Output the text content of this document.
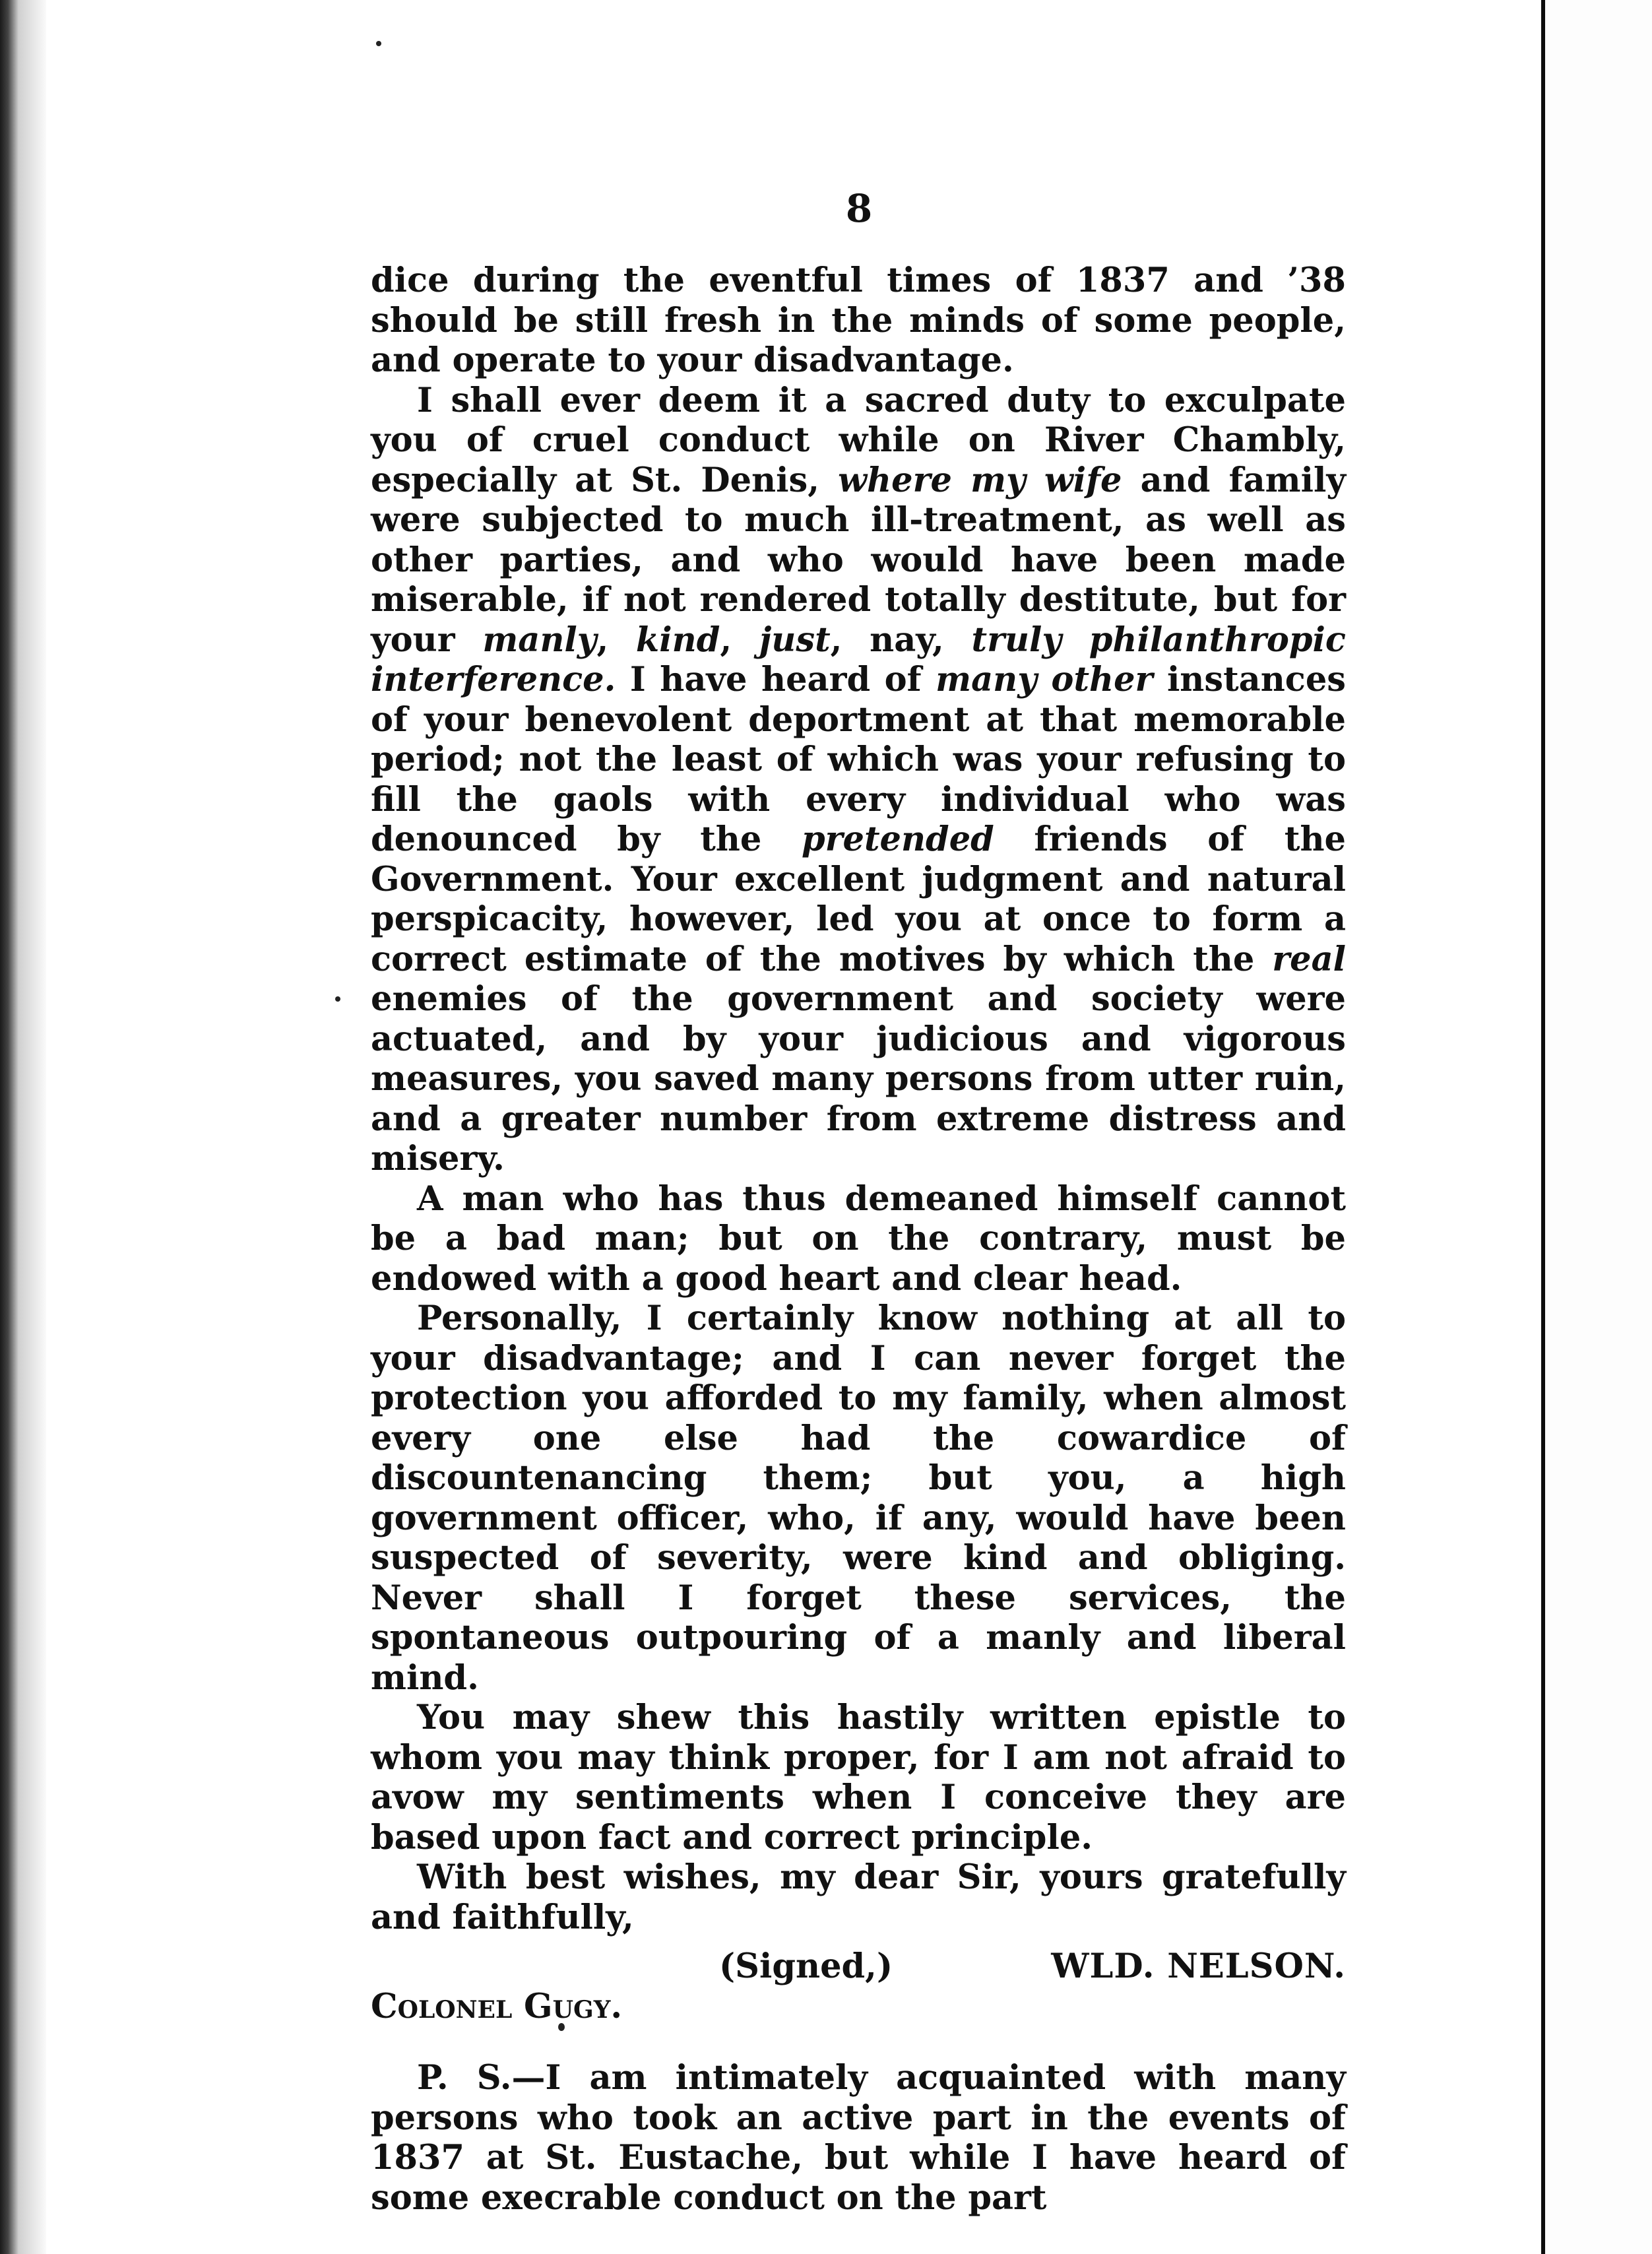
8

dice during the eventful times of 1837 and ’38 should be still fresh in the minds of some people, and operate to your disadvantage.

I shall ever deem it a sacred duty to exculpate you of cruel conduct while on River Chambly, especially at St. Denis, where my wife and family were subjected to much ill-treatment, as well as other parties, and who would have been made miserable, if not rendered totally destitute, but for your manly, kind, just, nay, truly philanthropic interference. I have heard of many other instances of your benevolent deportment at that memorable period; not the least of which was your refusing to fill the gaols with every individual who was denounced by the pretended friends of the Government. Your excellent judgment and natural perspicacity, however, led you at once to form a correct estimate of the motives by which the real enemies of the government and society were actuated, and by your judicious and vigorous measures, you saved many persons from utter ruin, and a greater number from extreme distress and misery.

A man who has thus demeaned himself cannot be a bad man; but on the contrary, must be endowed with a good heart and clear head.

Personally, I certainly know nothing at all to your disadvantage; and I can never forget the protection you afforded to my family, when almost every one else had the cowardice of discountenancing them; but you, a high government officer, who, if any, would have been suspected of severity, were kind and obliging. Never shall I forget these services, the spontaneous outpouring of a manly and liberal mind.

You may shew this hastily written epistle to whom you may think proper, for I am not afraid to avow my sentiments when I conceive they are based upon fact and correct principle.

With best wishes, my dear Sir, yours gratefully and faithfully,

(Signed,)	WLD. NELSON.

Colonel Gugy.

P. S.—I am intimately acquainted with many persons who took an active part in the events of 1837 at St. Eustache, but while I have heard of some execrable conduct on the part
